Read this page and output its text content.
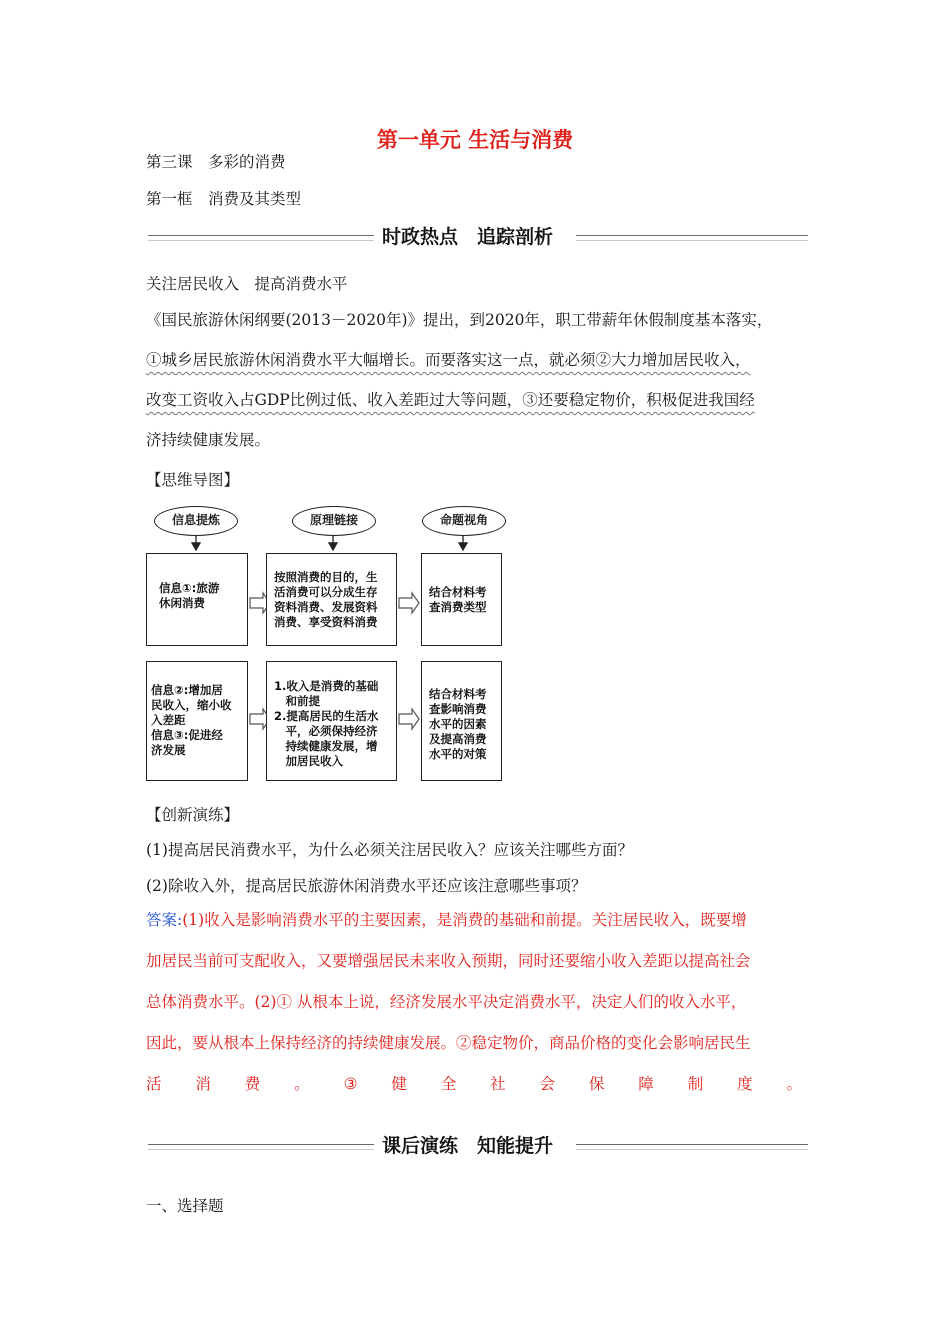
第一单元 生活与消费
第三课　多彩的消费
第一框　消费及其类型
时政热点　追踪剖析
关注居民收入　提高消费水平

《国民旅游休闲纲要(2013－2020年)》提出，到2020年，职工带薪年休假制度基本落实，

①城乡居民旅游休闲消费水平大幅增长。而要落实这一点，就必须②大力增加居民收入，

改变工资收入占GDP比例过低、收入差距过大等问题，③还要稳定物价，积极促进我国经

济持续健康发展。

【思维导图】
信息提炼	原理链接	命题视角
信息①:旅游
休闲消费
按照消费的目的，生
活消费可以分成生存
资料消费、发展资料
消费、享受资料消费
结合材料考
查消费类型
信息②:增加居
民收入，缩小收
入差距
信息③:促进经
济发展
1.收入是消费的基础
　和前提
2.提高居民的生活水
　平，必须保持经济
　持续健康发展，增
　加居民收入
结合材料考
查影响消费
水平的因素
及提高消费
水平的对策
【创新演练】
(1)提高居民消费水平，为什么必须关注居民收入？应该关注哪些方面？
(2)除收入外，提高居民旅游休闲消费水平还应该注意哪些事项？

答案:(1)收入是影响消费水平的主要因素，是消费的基础和前提。关注居民收入，既要增

加居民当前可支配收入，又要增强居民未来收入预期，同时还要缩小收入差距以提高社会

总体消费水平。(2)① 从根本上说，经济发展水平决定消费水平，决定人们的收入水平，

因此，要从根本上保持经济的持续健康发展。②稳定物价，商品价格的变化会影响居民生

活 消 费 。 ③ 健 全 社 会 保 障 制 度 。

课后演练　知能提升
一、选择题
